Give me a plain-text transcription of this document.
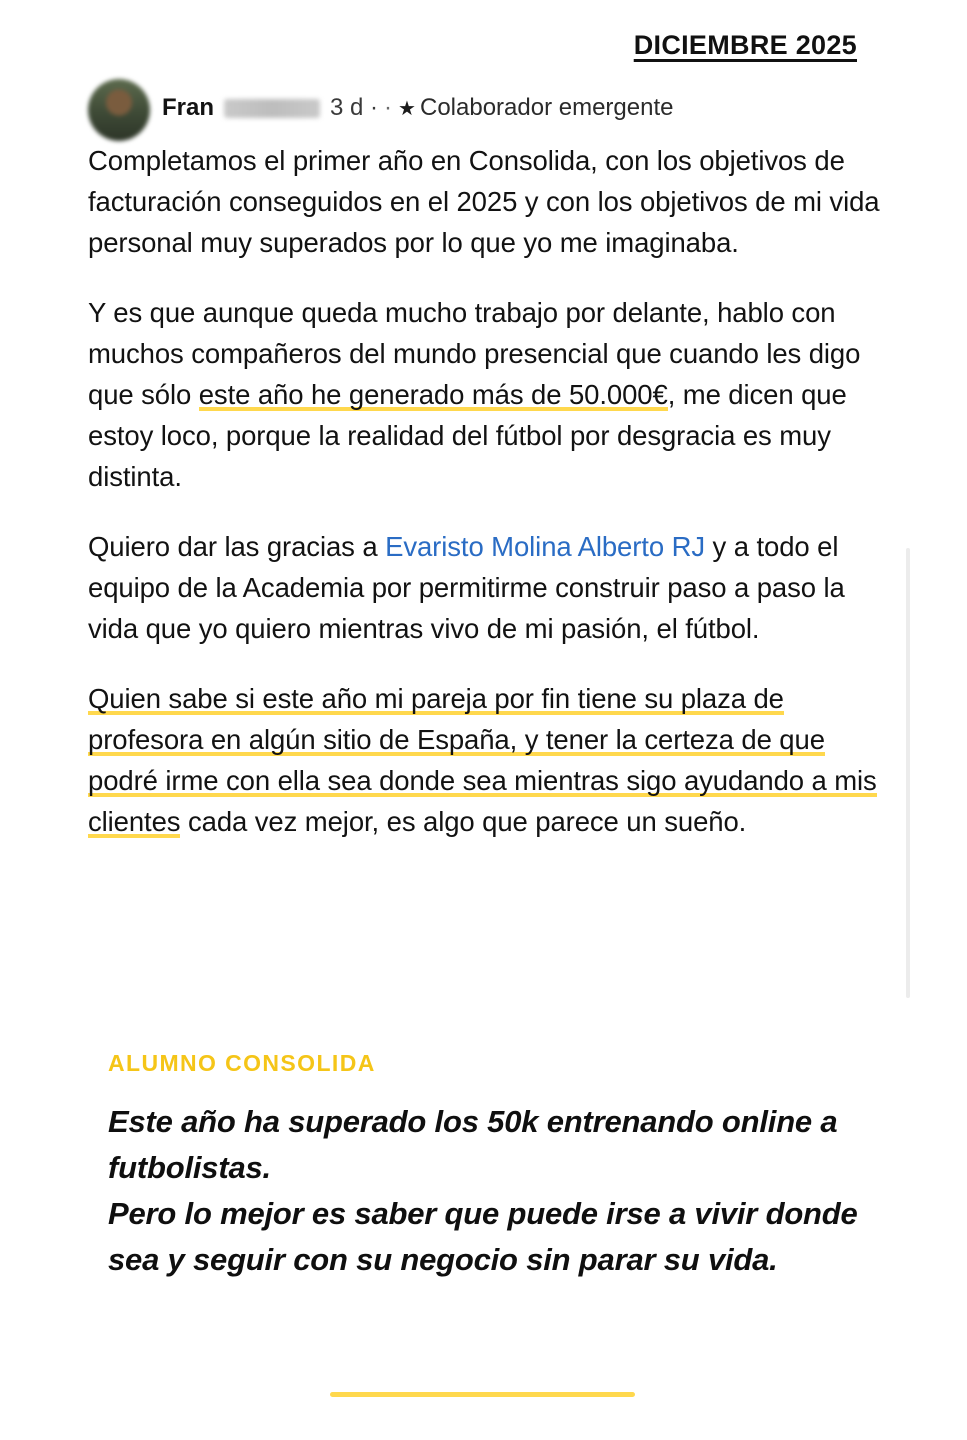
DICIEMBRE 2025
Fran	3 d · · ★ Colaborador emergente

Completamos el primer año en Consolida, con los objetivos de facturación conseguidos en el 2025 y con los objetivos de mi vida personal muy superados por lo que yo me imaginaba.

Y es que aunque queda mucho trabajo por delante, hablo con muchos compañeros del mundo presencial que cuando les digo que sólo este año he generado más de 50.000€, me dicen que estoy loco, porque la realidad del fútbol por desgracia es muy distinta.

Quiero dar las gracias a Evaristo Molina Alberto RJ y a todo el equipo de la Academia por permitirme construir paso a paso la vida que yo quiero mientras vivo de mi pasión, el fútbol.

Quien sabe si este año mi pareja por fin tiene su plaza de profesora en algún sitio de España, y tener la certeza de que podré irme con ella sea donde sea mientras sigo ayudando a mis clientes cada vez mejor, es algo que parece un sueño.

ALUMNO CONSOLIDA
Este año ha superado los 50k entrenando online a futbolistas.
Pero lo mejor es saber que puede irse a vivir donde sea y seguir con su negocio sin parar su vida.
